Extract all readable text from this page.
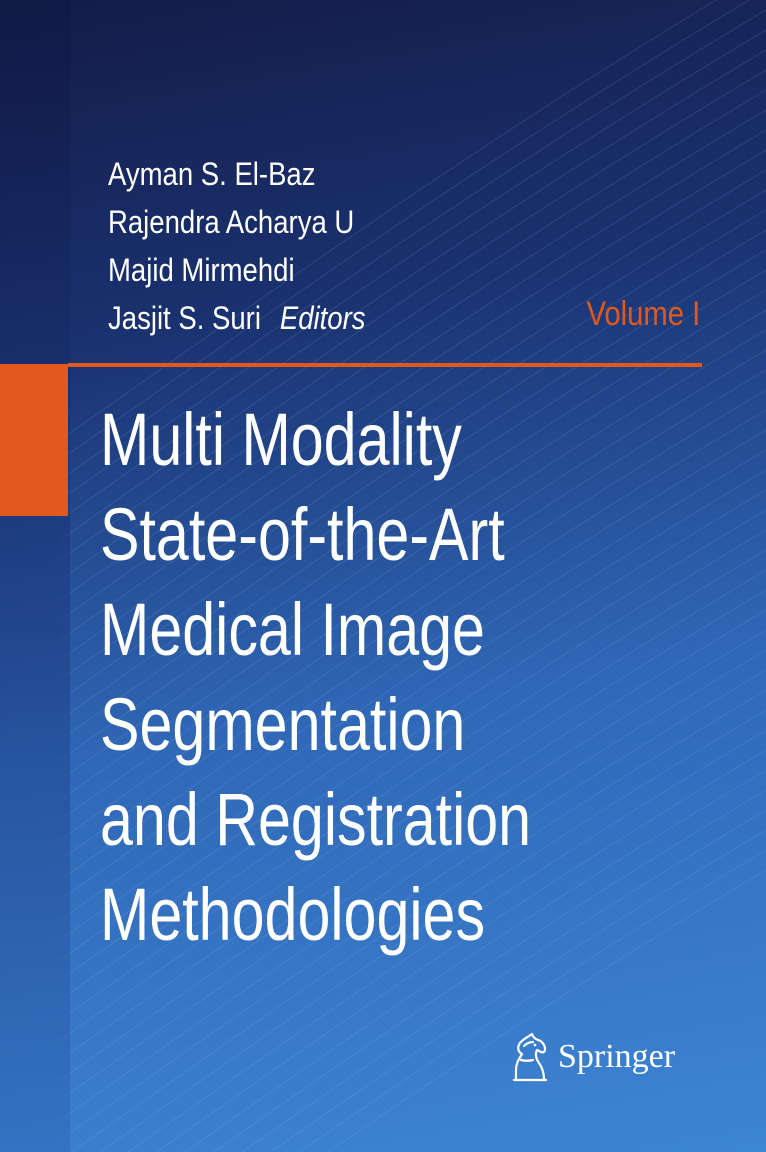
Ayman S. El-Baz
Rajendra Acharya U
Majid Mirmehdi
Jasjit S. Suri Editors	Volume I
Multi Modality
State-of-the-Art
Medical Image
Segmentation
and Registration
Methodologies
Springer
